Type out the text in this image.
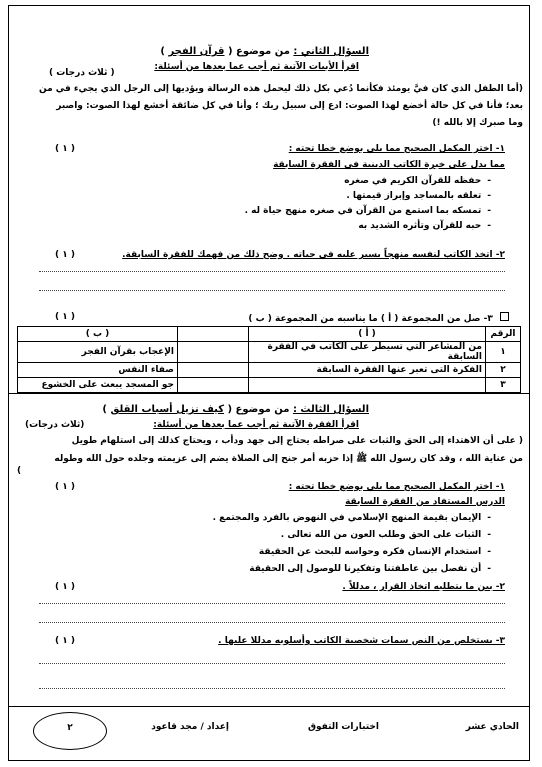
السؤال الثاني : من موضوع ( قرآن الفجر )
اقرأ الأبيات الآتية ثم أجب عما بعدها من أسئلة:
( ثلاث درجات )
(أما الطفل الذي كان فيَّ يومئذ فكأنما دُعي بكل ذلك ليحمل هذه الرسالة ويؤديها إلى الرجل الذي يجيء في من
بعد؛ فأنا في كل حالة أخضع لهذا الصوت: ادع إلى سبيل ربك ؛ وأنا في كل ضائقة أخشع لهذا الصوت: واصبر
وما صبرك إلا بالله !)
١- اختر المكمل الصحيح مما يلي بوضع خطا تحته :
( ١ )
مما يدل على خبرة الكاتب الدينية في الفقرة السابقة
- حفظه للقرآن الكريم في صغره
- تعلقه بالمساجد وإبراز قيمتها .
- تمسكه بما استمع من القرآن في صغره منهج حياة له .
- حبه للقرآن وتأثره الشديد به
٢- اتخذ الكاتب لنفسه منهجاً يسير عليه في حياته . وضح ذلك من فهمك للفقرة السابقة.
( ١ )
٣- صل من المجموعة ( أ ) ما يناسبه من المجموعة ( ب )
( ١ )
الرقم	( أ )		( ب )
١	من المشاعر التي تسيطر على الكاتب في الفقرة السابقة		الإعجاب بقرآن الفجر
٢	الفكرة التى تعبر عنها الفقرة السابقة		صفاء النفس
٣			جو المسجد يبعث على الخشوع
السؤال الثالث : من موضوع ( كيف نزيل أسباب القلق )
اقرأ الفقرة الآتية ثم أجب عما بعدها من أسئلة:
(ثلاث درجات)
( على أن الاهتداء إلى الحق والثبات على صراطه يحتاج إلى جهد ودأب ، ويحتاج كذلك إلى استلهام طويل
من عناية الله ، وقد كان رسول الله ﷺ إذا حزبه أمر جنح إلى الصلاة يضم إلى عزيمته وجلده حول الله وطوله
)
١- اختر المكمل الصحيح مما يلي بوضع خطا تحته :
( ١ )
الدرس المستفاد من الفقرة السابقة
- الإيمان بقيمة المنهج الإسلامي في النهوض بالفرد والمجتمع .
- الثبات على الحق وطلب العون من الله تعالى .
- استخدام الإنسان فكره وحواسه للبحث عن الحقيقة
- أن نفصل بين عاطفتنا وتفكيرنا للوصول إلى الحقيقة
٢- بين ما يتطلبه اتخاذ القرار ، مدللاً .
( ١ )
٣- يستخلص من النص سمات شخصية الكاتب وأسلوبه مدللا عليها .
( ١ )
الحادي عشر
اختبارات التفوق
إعداد / مجد قاعود
٢
